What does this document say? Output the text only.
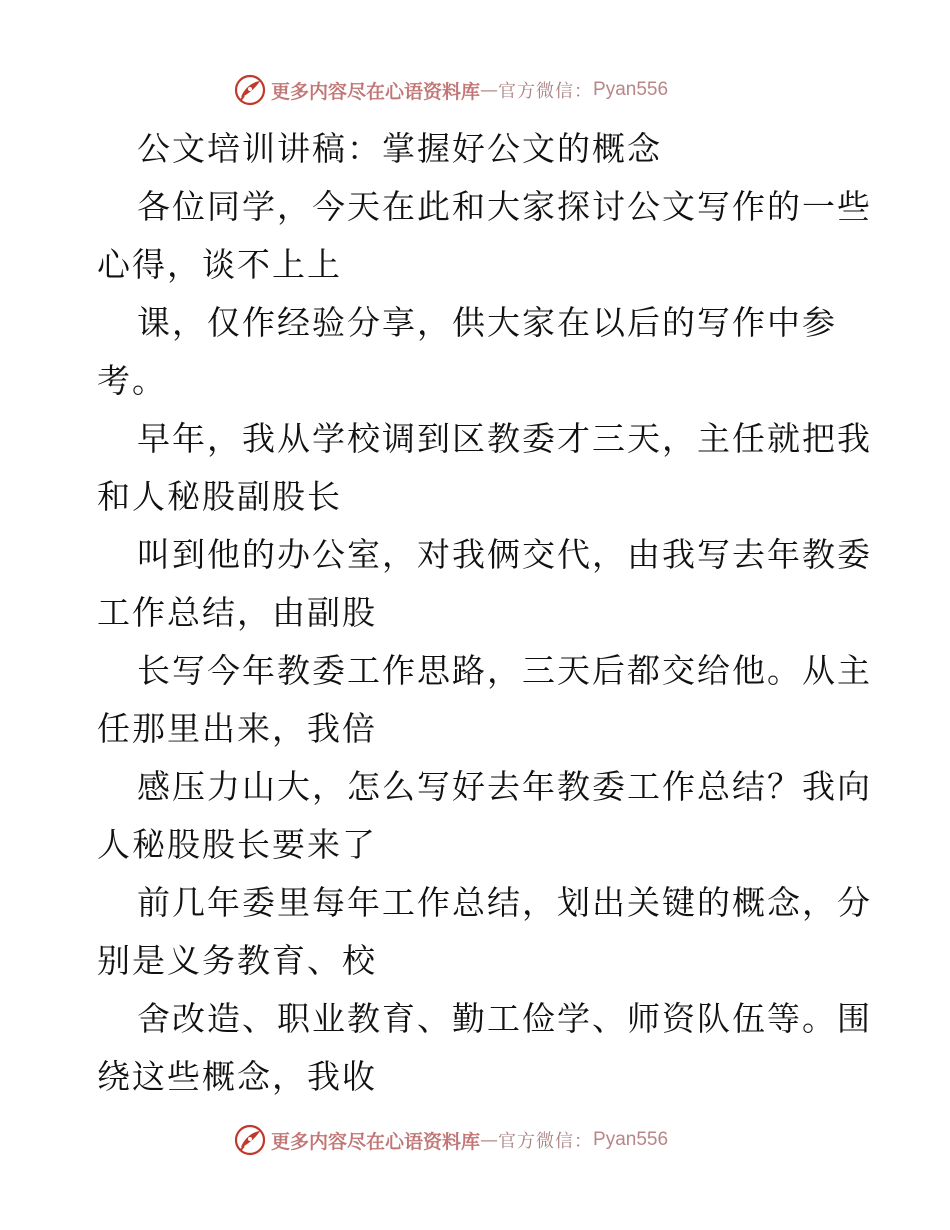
更多内容尽在心语资料库 — 官方微信： Pyan556
公文培训讲稿：掌握好公文的概念
各位同学，今天在此和大家探讨公文写作的一些
心得，谈不上上
课，仅作经验分享，供大家在以后的写作中参
考。
早年，我从学校调到区教委才三天，主任就把我
和人秘股副股长
叫到他的办公室，对我俩交代，由我写去年教委
工作总结，由副股
长写今年教委工作思路，三天后都交给他。从主
任那里出来，我倍
感压力山大，怎么写好去年教委工作总结？我向
人秘股股长要来了
前几年委里每年工作总结，划出关键的概念，分
别是义务教育、校
舍改造、职业教育、勤工俭学、师资队伍等。围
绕这些概念，我收
更多内容尽在心语资料库 — 官方微信： Pyan556
